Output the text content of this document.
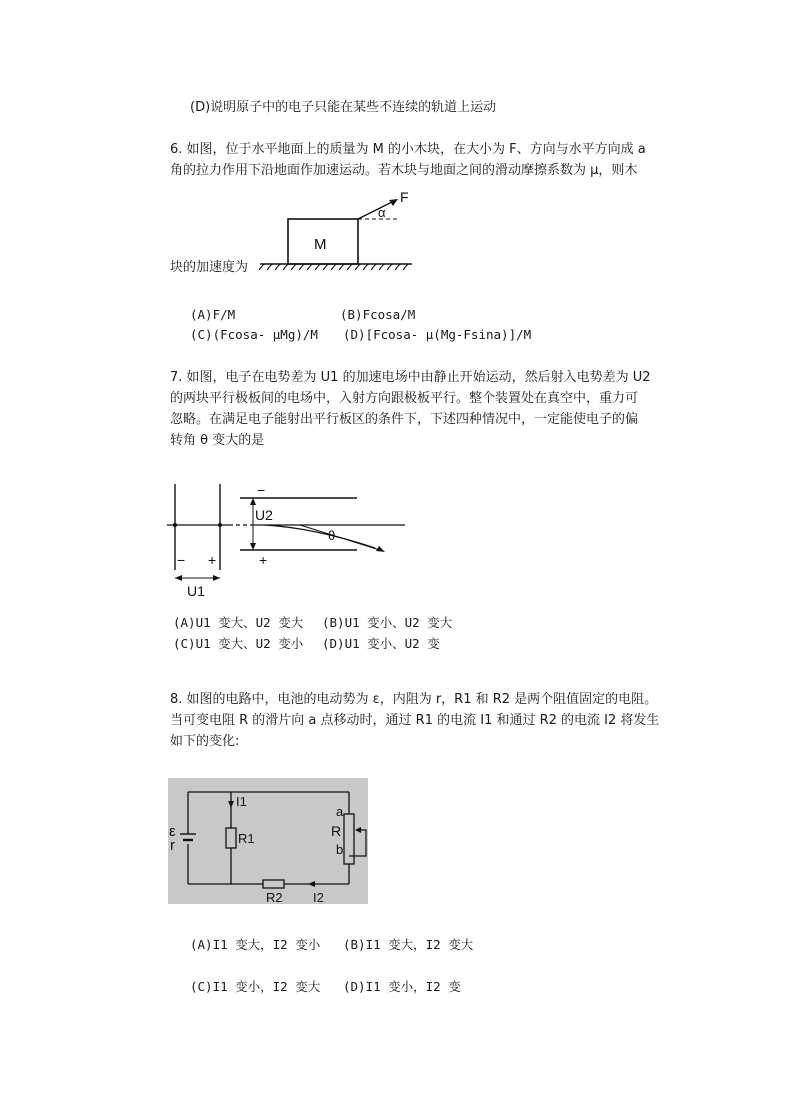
(D)说明原子中的电子只能在某些不连续的轨道上运动
6. 如图，位于水平地面上的质量为 M 的小木块，在大小为 F、方向与水平方向成 a
角的拉力作用下沿地面作加速运动。若木块与地面之间的滑动摩擦系数为 μ，则木
M
F
α
块的加速度为
(A)F/M	(B)Fcosa/M
(C)(Fcosa- μMg)/M (D)[Fcosa- μ(Mg-Fsina)]/M
7. 如图，电子在电势差为 U1 的加速电场中由静止开始运动，然后射入电势差为 U2
的两块平行极板间的电场中，入射方向跟极板平行。整个装置处在真空中，重力可
忽略。在满足电子能射出平行板区的条件下，下述四种情况中，一定能使电子的偏
转角 θ 变大的是
− +
U1
−
+
U2
θ
(A)U1 变大、U2 变大 (B)U1 变小、U2 变大
(C)U1 变大、U2 变小 (D)U1 变小、U2 变
8. 如图的电路中，电池的电动势为 ε，内阻为 r，R1 和 R2 是两个阻值固定的电阻。
当可变电阻 R 的滑片向 a 点移动时，通过 R1 的电流 I1 和通过 R2 的电流 I2 将发生
如下的变化:
ε
r	R1
I1
a
R
b
R2 I2
(A)I1 变大，I2 变小 (B)I1 变大，I2 变大
(C)I1 变小，I2 变大 (D)I1 变小，I2 变
